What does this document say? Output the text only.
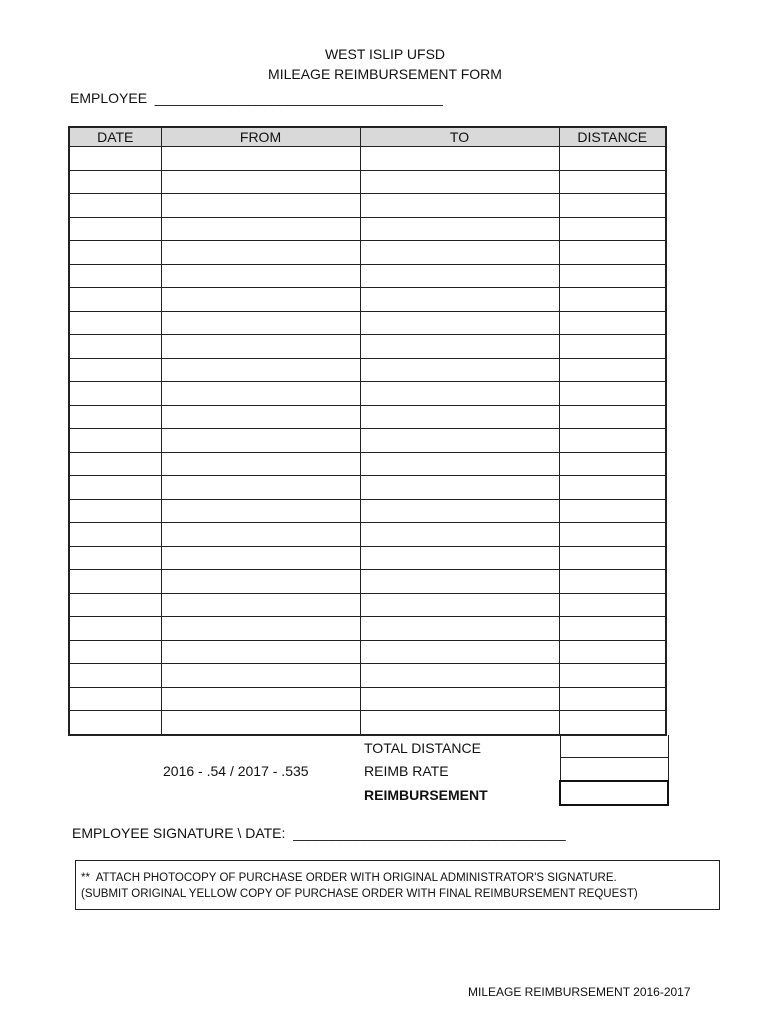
WEST ISLIP UFSD
MILEAGE REIMBURSEMENT FORM
EMPLOYEE  _____________________________________
DATE	FROM	TO	DISTANCE

TOTAL DISTANCE
2016 - .54 / 2017 - .535	REIMB RATE
REIMBURSEMENT
EMPLOYEE SIGNATURE \ DATE:  ___________________________________
**  ATTACH PHOTOCOPY OF PURCHASE ORDER WITH ORIGINAL ADMINISTRATOR'S SIGNATURE.
(SUBMIT ORIGINAL YELLOW COPY OF PURCHASE ORDER WITH FINAL REIMBURSEMENT REQUEST)
MILEAGE REIMBURSEMENT 2016-2017
